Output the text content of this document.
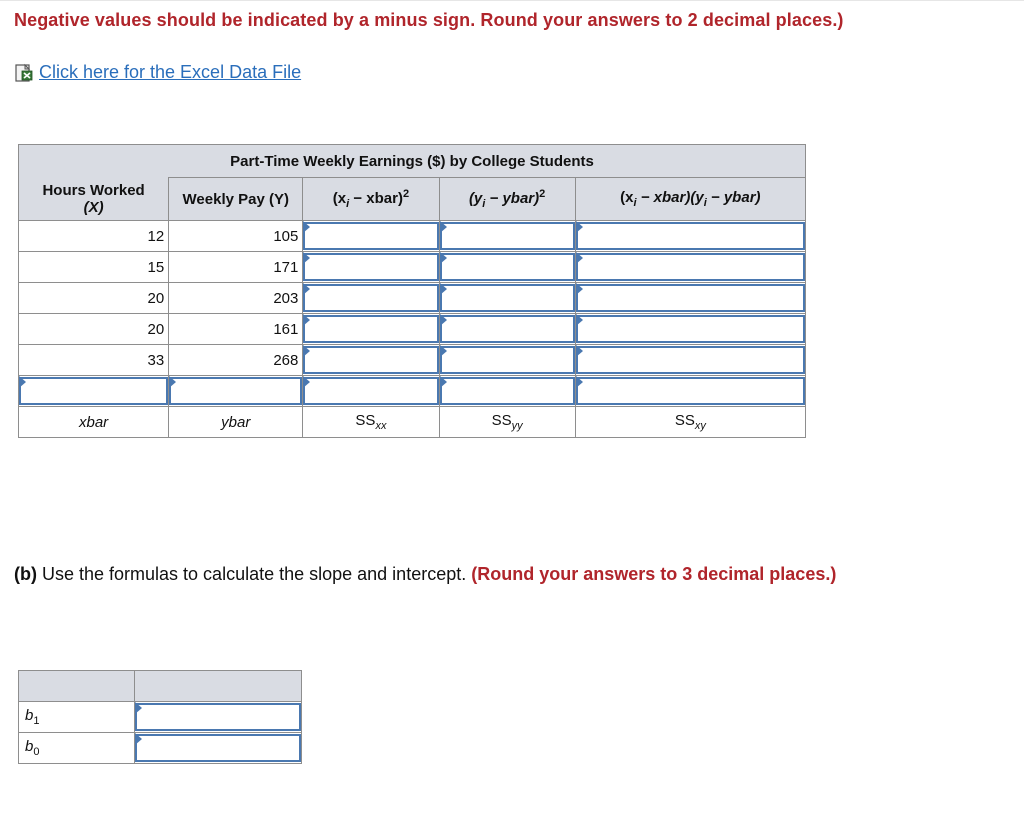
Negative values should be indicated by a minus sign. Round your answers to 2 decimal places.)
Click here for the Excel Data File
Part-Time Weekly Earnings ($) by College Students				

Hours Worked
(X)	Weekly Pay (Y)	($x_i$ − xbar)$^2$	($y_i$ − ybar)$^2$	($x_i$ − $xbar)(y_i$ − ybar)
12	105	

15	171	

20	203	

20	161	

33	268	

xbar	ybar	$SS_{xx}$	$SS_{yy}$	$SS_{xy}$
(b) Use the formulas to calculate the slope and intercept. (Round your answers to 3 decimal places.)

$b_1$	

$b_0$	
